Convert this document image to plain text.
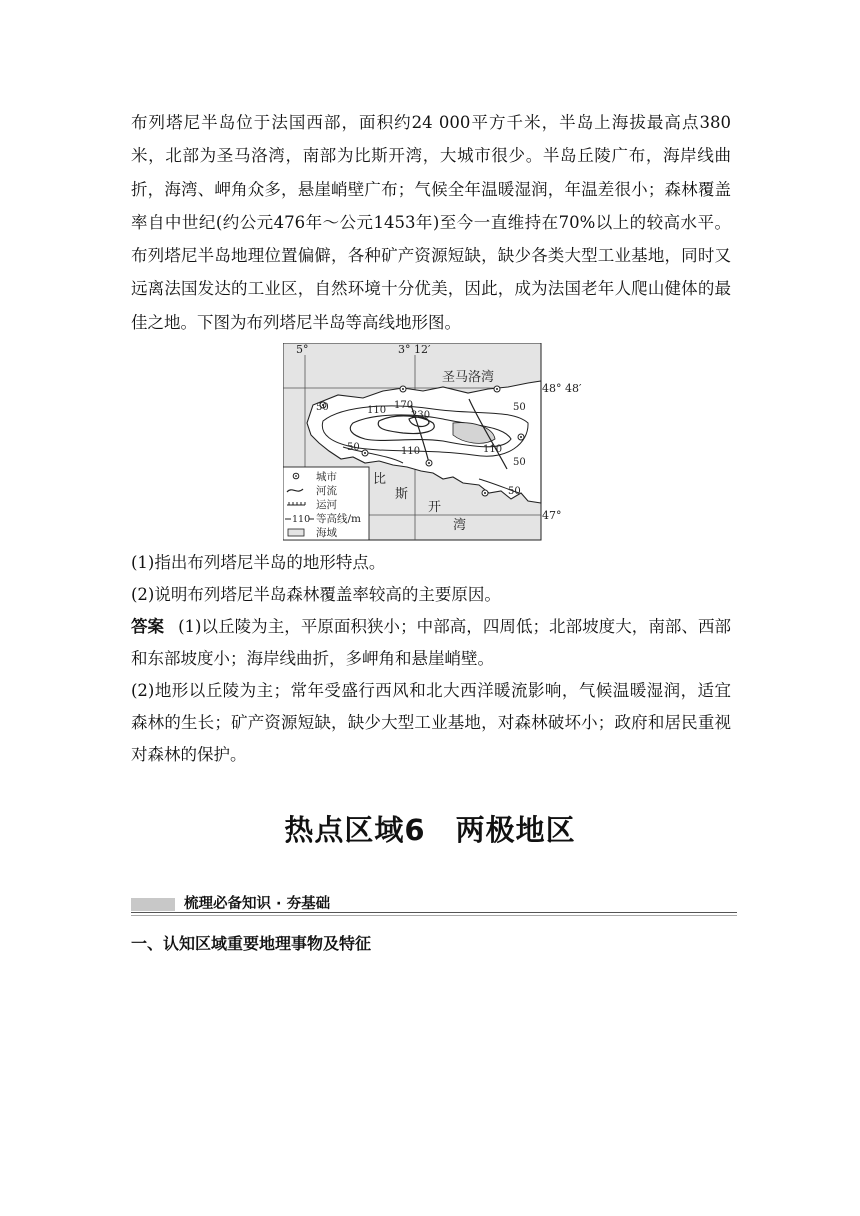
布列塔尼半岛位于法国西部，面积约24 000平方千米，半岛上海拔最高点380米，北部为圣马洛湾，南部为比斯开湾，大城市很少。半岛丘陵广布，海岸线曲折，海湾、岬角众多，悬崖峭壁广布；气候全年温暖湿润，年温差很小；森林覆盖率自中世纪(约公元476年～公元1453年)至今一直维持在70%以上的较高水平。布列塔尼半岛地理位置偏僻，各种矿产资源短缺，缺少各类大型工业基地，同时又远离法国发达的工业区，自然环境十分优美，因此，成为法国老年人爬山健体的最佳之地。下图为布列塔尼半岛等高线地形图。

50	110 170
230
50	110	110
50
50
50
5°	3° 12′
48° 48′
47°
圣马洛湾
比
斯
开
湾
城市
河流
运河
110 等高线/m
海域

(1)指出布列塔尼半岛的地形特点。

(2)说明布列塔尼半岛森林覆盖率较高的主要原因。

答案 (1)以丘陵为主，平原面积狭小；中部高，四周低；北部坡度大，南部、西部和东部坡度小；海岸线曲折，多岬角和悬崖峭壁。

(2)地形以丘陵为主；常年受盛行西风和北大西洋暖流影响，气候温暖湿润，适宜森林的生长；矿产资源短缺，缺少大型工业基地，对森林破坏小；政府和居民重视对森林的保护。

热点区域6　两极地区
梳理必备知识 · 夯基础
一、认知区域重要地理事物及特征
